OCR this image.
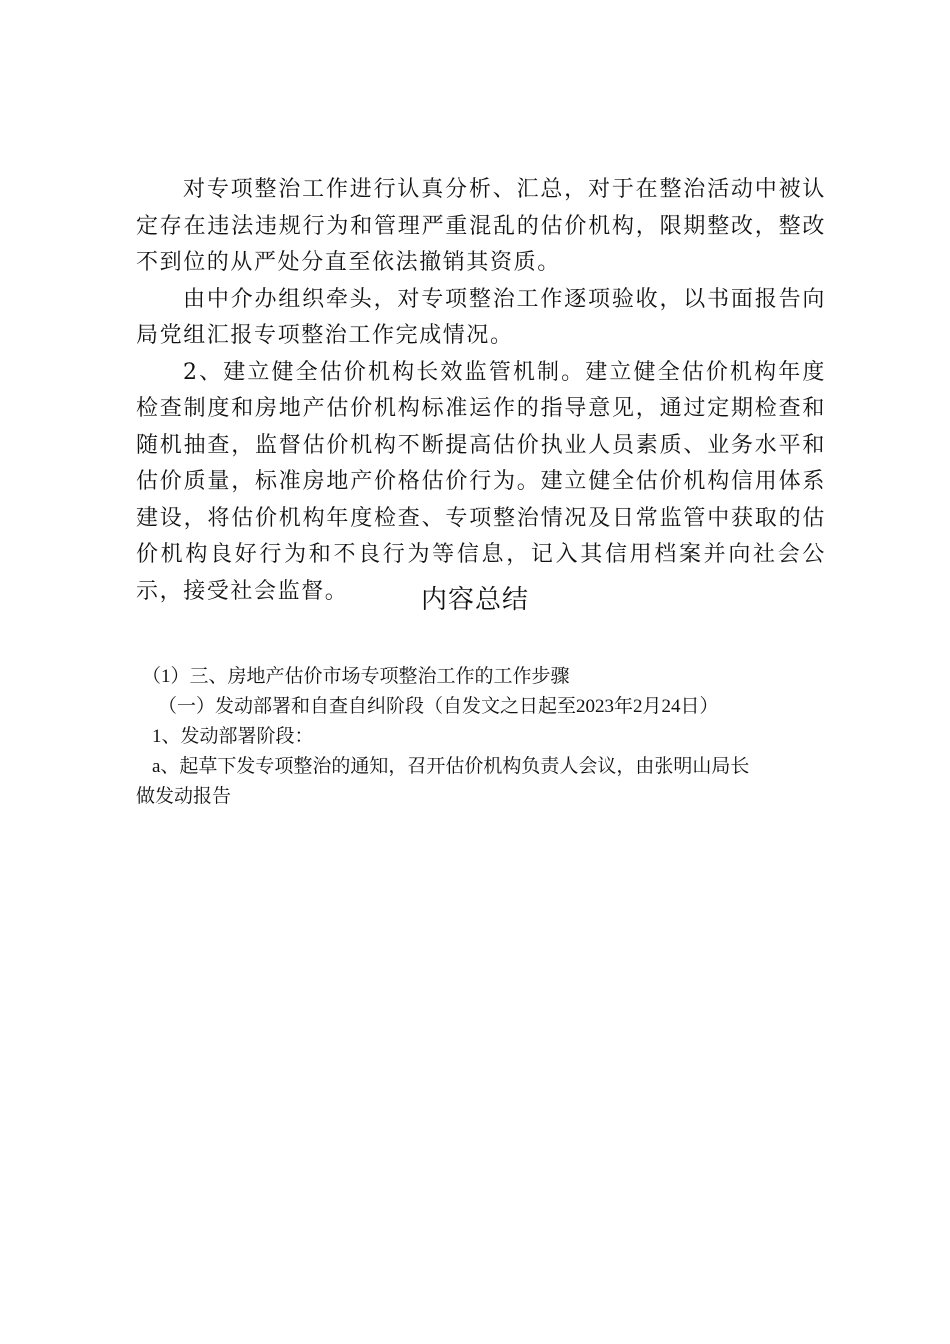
对专项整治工作进行认真分析、汇总，对于在整治活动中被认定存在违法违规行为和管理严重混乱的估价机构，限期整改，整改不到位的从严处分直至依法撤销其资质。

由中介办组织牵头，对专项整治工作逐项验收，以书面报告向局党组汇报专项整治工作完成情况。

2、建立健全估价机构长效监管机制。建立健全估价机构年度检查制度和房地产估价机构标准运作的指导意见，通过定期检查和随机抽查，监督估价机构不断提高估价执业人员素质、业务水平和估价质量，标准房地产价格估价行为。建立健全估价机构信用体系建设，将估价机构年度检查、专项整治情况及日常监管中获取的估价机构良好行为和不良行为等信息，记入其信用档案并向社会公示，接受社会监督。	内容总结
（1）三、房地产估价市场专项整治工作的工作步骤
（一）发动部署和自查自纠阶段（自发文之日起至2023年2月24日）
1、发动部署阶段：
a、起草下发专项整治的通知，召开估价机构负责人会议，由张明山局长
做发动报告
